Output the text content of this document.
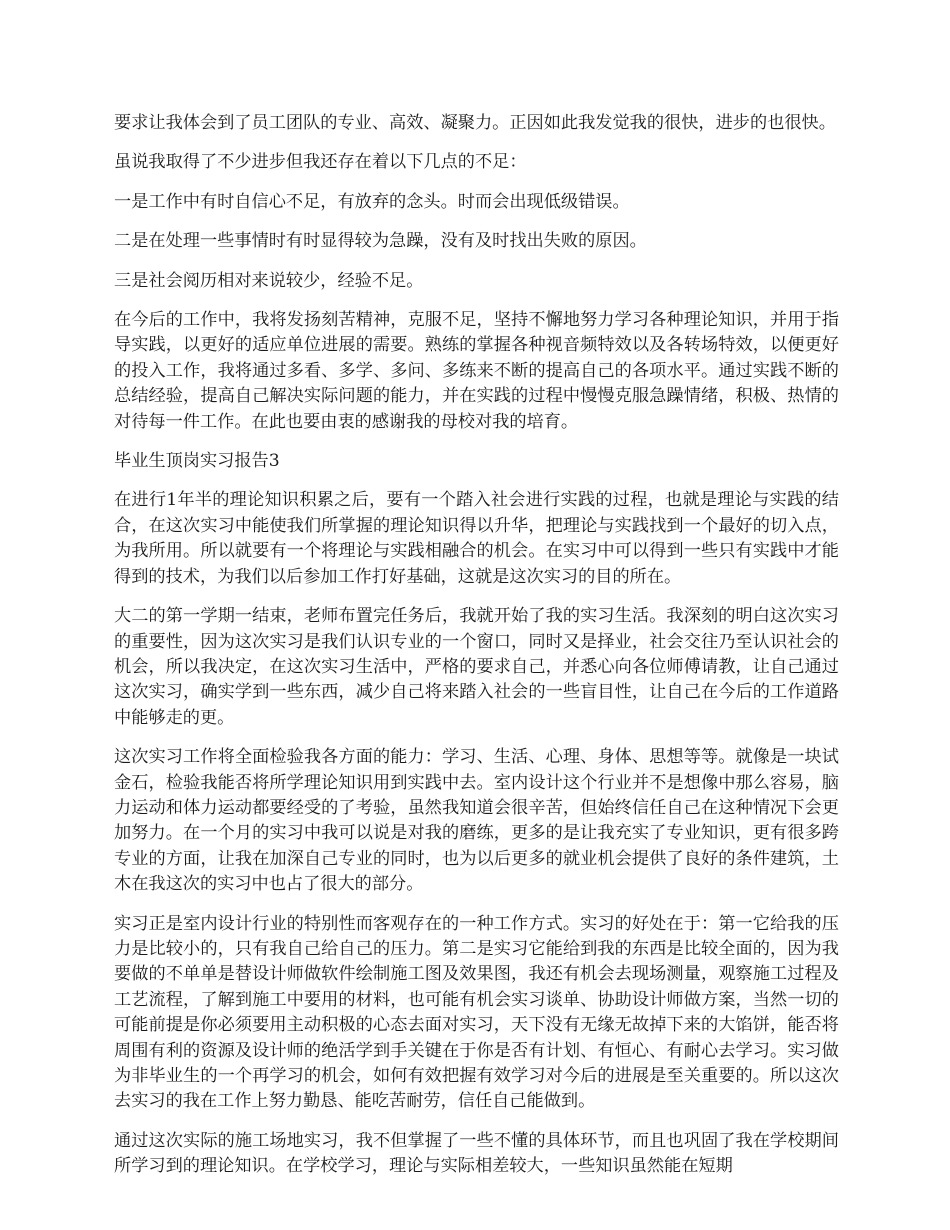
要求让我体会到了员工团队的专业、高效、凝聚力。正因如此我发觉我的很快，进步的也很快。

虽说我取得了不少进步但我还存在着以下几点的不足：

一是工作中有时自信心不足，有放弃的念头。时而会出现低级错误。

二是在处理一些事情时有时显得较为急躁，没有及时找出失败的原因。

三是社会阅历相对来说较少，经验不足。

在今后的工作中，我将发扬刻苦精神，克服不足，坚持不懈地努力学习各种理论知识，并用于指导实践，以更好的适应单位进展的需要。熟练的掌握各种视音频特效以及各转场特效，以便更好的投入工作，我将通过多看、多学、多问、多练来不断的提高自己的各项水平。通过实践不断的总结经验，提高自己解决实际问题的能力，并在实践的过程中慢慢克服急躁情绪，积极、热情的对待每一件工作。在此也要由衷的感谢我的母校对我的培育。

毕业生顶岗实习报告3

在进行1年半的理论知识积累之后，要有一个踏入社会进行实践的过程，也就是理论与实践的结合，在这次实习中能使我们所掌握的理论知识得以升华，把理论与实践找到一个最好的切入点，为我所用。所以就要有一个将理论与实践相融合的机会。在实习中可以得到一些只有实践中才能得到的技术，为我们以后参加工作打好基础，这就是这次实习的目的所在。

大二的第一学期一结束，老师布置完任务后，我就开始了我的实习生活。我深刻的明白这次实习的重要性，因为这次实习是我们认识专业的一个窗口，同时又是择业，社会交往乃至认识社会的机会，所以我决定，在这次实习生活中，严格的要求自己，并悉心向各位师傅请教，让自己通过这次实习，确实学到一些东西，减少自己将来踏入社会的一些盲目性，让自己在今后的工作道路中能够走的更。

这次实习工作将全面检验我各方面的能力：学习、生活、心理、身体、思想等等。就像是一块试金石，检验我能否将所学理论知识用到实践中去。室内设计这个行业并不是想像中那么容易，脑力运动和体力运动都要经受的了考验，虽然我知道会很辛苦，但始终信任自己在这种情况下会更加努力。在一个月的实习中我可以说是对我的磨练，更多的是让我充实了专业知识，更有很多跨专业的方面，让我在加深自己专业的同时，也为以后更多的就业机会提供了良好的条件建筑，土木在我这次的实习中也占了很大的部分。

实习正是室内设计行业的特别性而客观存在的一种工作方式。实习的好处在于：第一它给我的压力是比较小的，只有我自己给自己的压力。第二是实习它能给到我的东西是比较全面的，因为我要做的不单单是替设计师做软件绘制施工图及效果图，我还有机会去现场测量，观察施工过程及工艺流程，了解到施工中要用的材料，也可能有机会实习谈单、协助设计师做方案，当然一切的可能前提是你必须要用主动积极的心态去面对实习，天下没有无缘无故掉下来的大馅饼，能否将周围有利的资源及设计师的绝活学到手关键在于你是否有计划、有恒心、有耐心去学习。实习做为非毕业生的一个再学习的机会，如何有效把握有效学习对今后的进展是至关重要的。所以这次去实习的我在工作上努力勤恳、能吃苦耐劳，信任自己能做到。

通过这次实际的施工场地实习，我不但掌握了一些不懂的具体环节，而且也巩固了我在学校期间所学习到的理论知识。在学校学习，理论与实际相差较大，一些知识虽然能在短期
